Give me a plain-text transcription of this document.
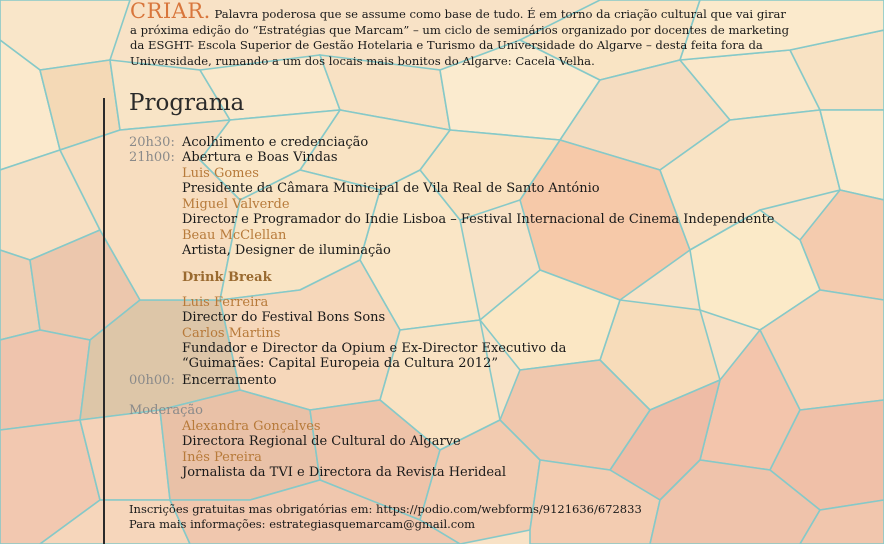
CRIAR. Palavra poderosa que se assume como base de tudo. É em torno da criação cultural que vai girar a próxima edição do “Estratégias que Marcam” – um ciclo de seminários organizado por docentes de marketing da ESGHT- Escola Superior de Gestão Hotelaria e Turismo da Universidade do Algarve – desta feita fora da Universidade, rumando a um dos locais mais bonitos do Algarve: Cacela Velha.
Programa
20h30: Acolhimento e credenciação
21h00: Abertura e Boas Vindas
Luis Gomes
Presidente da Câmara Municipal de Vila Real de Santo António
Miguel Valverde
Director e Programador do Indie Lisboa – Festival Internacional de Cinema Independente
Beau McClellan
Artista, Designer de iluminação
Drink Break
Luis Ferreira
Director do Festival Bons Sons
Carlos Martins
Fundador e Director da Opium e Ex-Director Executivo da
“Guimarães: Capital Europeia da Cultura 2012”
00h00: Encerramento
Moderação
Alexandra Gonçalves
Directora Regional de Cultural do Algarve
Inês Pereira
Jornalista da TVI e Directora da Revista Herideal
Inscrições gratuitas mas obrigatórias em: https://podio.com/webforms/9121636/672833
Para mais informações: estrategiasquemarcam@gmail.com
